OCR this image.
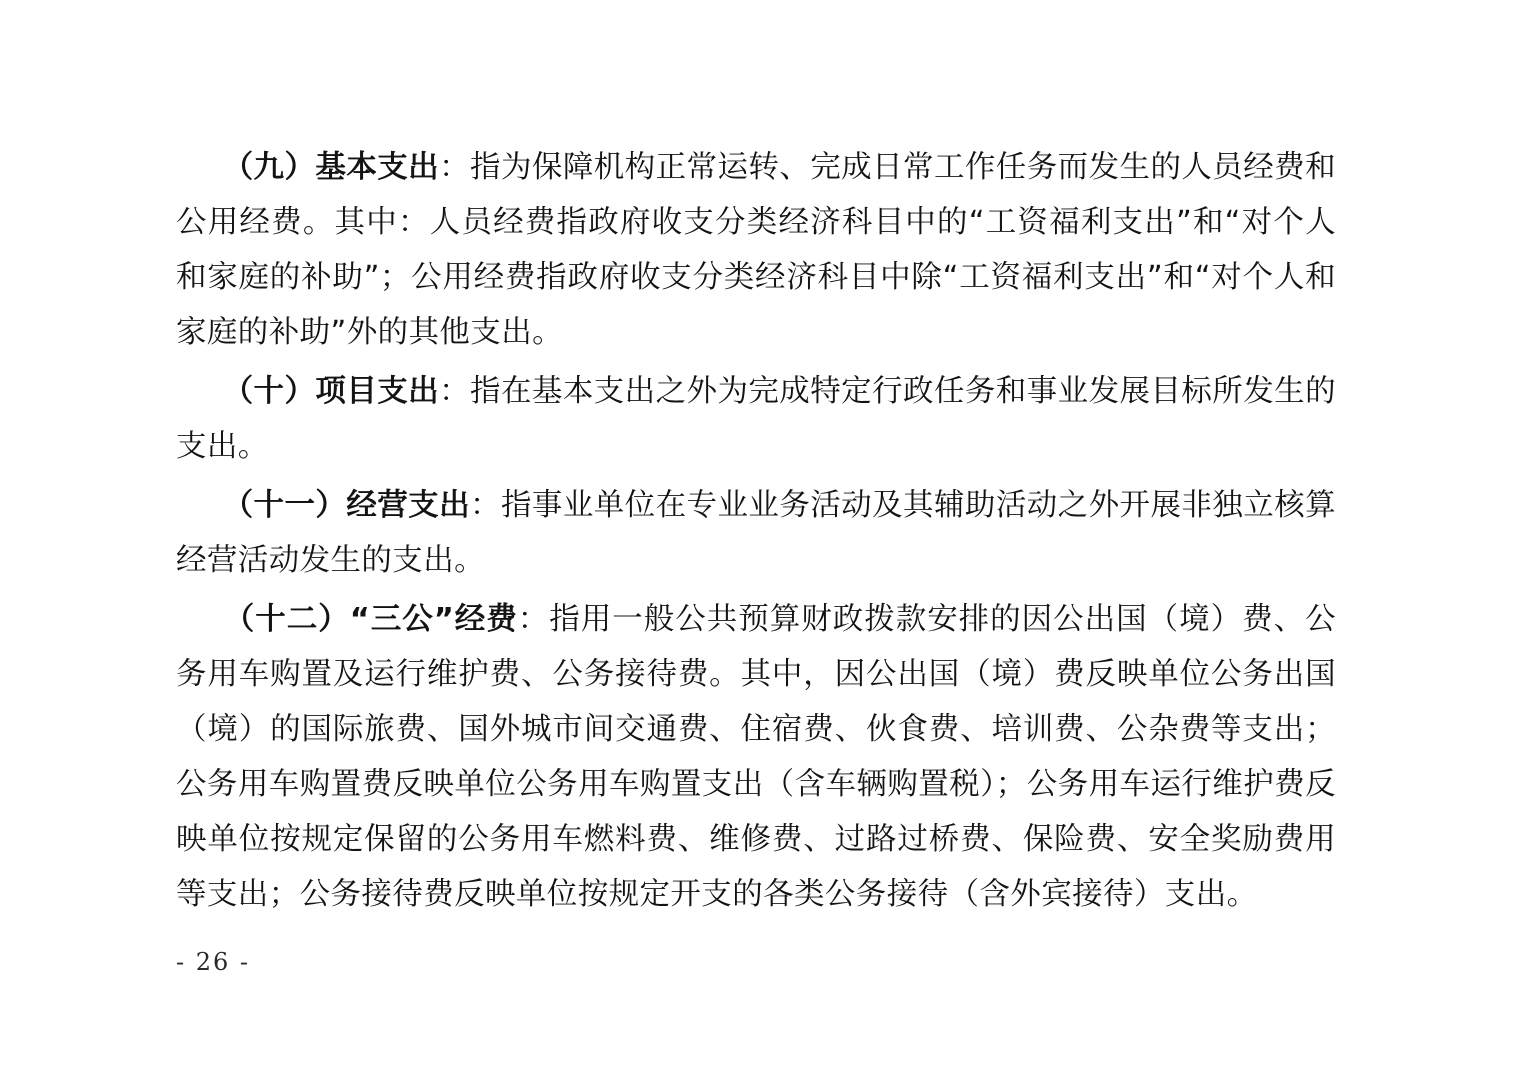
　　（九）基本支出：指为保障机构正常运转、完成日常工作任务而发生的人员经费和公用经费。其中：人员经费指政府收支分类经济科目中的“工资福利支出”和“对个人和家庭的补助”；公用经费指政府收支分类经济科目中除“工资福利支出”和“对个人和家庭的补助”外的其他支出。

　　（十）项目支出：指在基本支出之外为完成特定行政任务和事业发展目标所发生的支出。

　　（十一）经营支出：指事业单位在专业业务活动及其辅助活动之外开展非独立核算经营活动发生的支出。

　　（十二）“三公”经费：指用一般公共预算财政拨款安排的因公出国（境）费、公务用车购置及运行维护费、公务接待费。其中，因公出国（境）费反映单位公务出国（境）的国际旅费、国外城市间交通费、住宿费、伙食费、培训费、公杂费等支出；公务用车购置费反映单位公务用车购置支出（含车辆购置税）；公务用车运行维护费反映单位按规定保留的公务用车燃料费、维修费、过路过桥费、保险费、安全奖励费用等支出；公务接待费反映单位按规定开支的各类公务接待（含外宾接待）支出。

- 26 -
